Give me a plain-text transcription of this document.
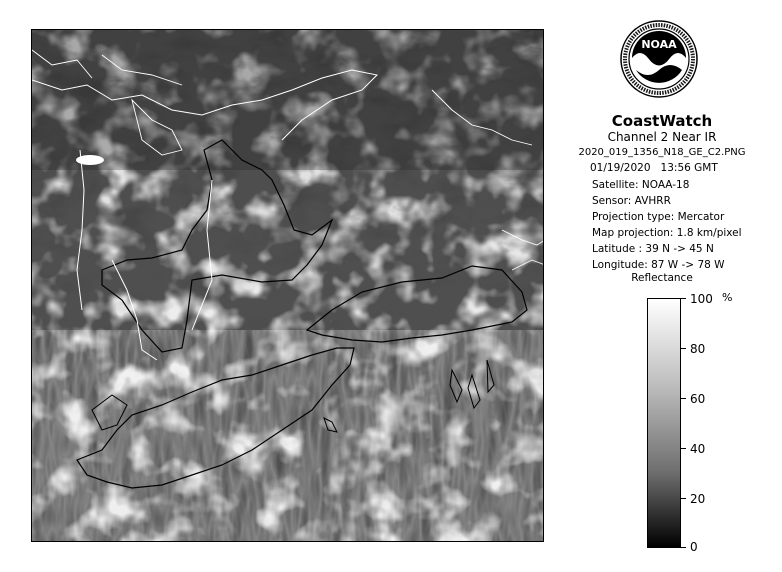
NOAA
CoastWatch
Channel 2 Near IR
2020_019_1356_N18_GE_C2.PNG
01/19/2020 13:56 GMT
Satellite: NOAA-18
Sensor: AVHRR
Projection type: Mercator
Map projection: 1.8 km/pixel
Latitude : 39 N -> 45 N
Longitude: 87 W -> 78 W
Reflectance
%
100
80
60
40
20
0
